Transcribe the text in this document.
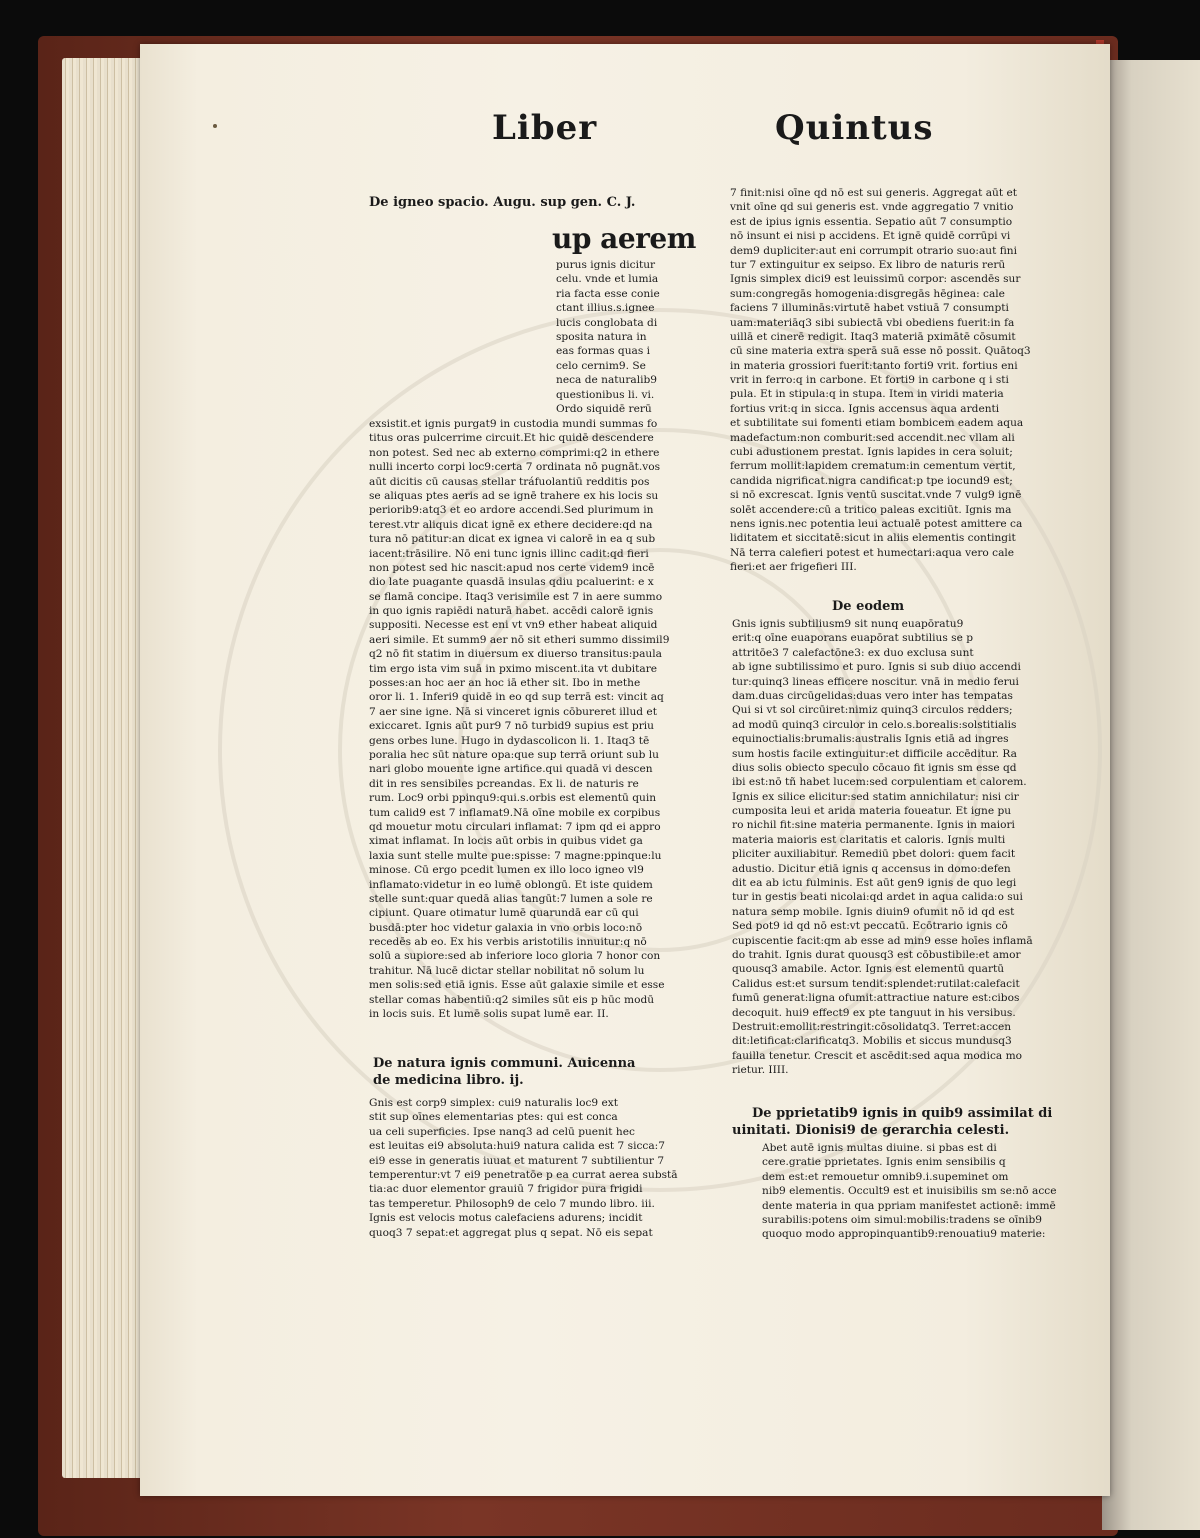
Liber	Quintus
De igneo spacio. Augu. sup gen. C. J.
up aerem
purus ignis dicitur
celu. vnde et lumia
ria facta esse conie
ctant illius.s.ignee
lucis conglobata di
sposita natura in
eas formas quas i
celo cernim9. Se
neca de naturalib9
questionibus li. vi.
Ordo siquidē rerū
exsistit.et ignis purgat9 in custodia mundi summas fo
titus oras pulcerrime circuit.Et hic quidē descendere
non potest. Sed nec ab externo comprimi:q2 in ethere
nulli incerto corpi loc9:certa 7 ordinata nō pugnāt.vos
aūt dicitis cū causas stellar tráfuolantiū redditis pos
se aliquas ptes aeris ad se ignē trahere ex his locis su
periorib9:atq3 et eo ardore accendi.Sed plurimum in
terest.vtr aliquis dicat ignē ex ethere decidere:qd na
tura nō patitur:an dicat ex ignea vi calorē in ea q sub
iacent:trāsilire. Nō eni tunc ignis illinc cadit:qd fieri
non potest sed hic nascit:apud nos certe videm9 incē
dio late puagante quasdā insulas qdiu pcaluerint: e x
se flamā concipe. Itaq3 verisimile est 7 in aere summo
in quo ignis rapiēdi naturā habet. accēdi calorē ignis
suppositi. Necesse est eni vt vn9 ether habeat aliquid
aeri simile. Et summ9 aer nō sit etheri summo dissimil9
q2 nō fit statim in diuersum ex diuerso transitus:paula
tim ergo ista vim suā in pximo miscent.ita vt dubitare
posses:an hoc aer an hoc iā ether sit. Ibo in methe
oror li. 1. Inferi9 quidē in eo qd sup terrā est: vincit aq
7 aer sine igne. Nā si vinceret ignis cōbureret illud et
exiccaret. Ignis aūt pur9 7 nō turbid9 supius est priu
gens orbes lune. Hugo in dydascolicon li. 1. Itaq3 tē
poralia hec sūt nature opa:que sup terrā oriunt sub lu
nari globo mouente igne artifice.qui quadā vi descen
dit in res sensibiles pcreandas. Ex li. de naturis re
rum. Loc9 orbi ppinqu9:qui.s.orbis est elementū quin
tum calid9 est 7 inflamat9.Nā oīne mobile ex corpibus
qd mouetur motu circulari inflamat: 7 ipm qd ei appro
ximat inflamat. In locis aūt orbis in quibus videt ga
laxia sunt stelle multe pue:spisse: 7 magne:ppinque:lu
minose. Cū ergo pcedit lumen ex illo loco igneo vl9
inflamato:videtur in eo lumē oblongū. Et iste quidem
stelle sunt:quar quedā alias tangūt:7 lumen a sole re
cipiunt. Quare otimatur lumē quarundā ear cū qui
busdā:pter hoc videtur galaxia in vno orbis loco:nō
recedēs ab eo. Ex his verbis aristotilis innuitur:q nō
solū a supiore:sed ab inferiore loco gloria 7 honor con
trahitur. Nā lucē dictar stellar nobilitat nō solum lu
men solis:sed etiā ignis. Esse aūt galaxie simile et esse
stellar comas habentiū:q2 similes sūt eis p hūc modū
in locis suis. Et lumē solis supat lumē ear. II.
De natura ignis communi. Auicenna
de medicina libro. ij.
Gnis est corp9 simplex: cui9 naturalis loc9 ext
stit sup oīnes elementarias ptes: qui est conca
ua celi superficies. Ipse nanq3 ad celū puenit hec
est leuitas ei9 absoluta:hui9 natura calida est 7 sicca:7
ei9 esse in generatis iuuat et maturent 7 subtilientur 7
temperentur:vt 7 ei9 penetratōe p ea currat aerea substā
tia:ac duor elementor grauiū 7 frigidor pura frigidi
tas temperetur. Philosoph9 de celo 7 mundo libro. iii.
Ignis est velocis motus calefaciens adurens; incidit
quoq3 7 sepat:et aggregat plus q sepat. Nō eis sepat
7 finit:nisi oīne qd nō est sui generis. Aggregat aūt et
vnit oīne qd sui generis est. vnde aggregatio 7 vnitio
est de ipius ignis essentia. Sepatio aūt 7 consumptio
nō insunt ei nisi p accidens. Et ignē quidē corrūpi vi
dem9 dupliciter:aut eni corrumpit otrario suo:aut fini
tur 7 extinguitur ex seipso. Ex libro de naturis rerū
Ignis simplex dici9 est leuissimū corpor: ascendēs sur
sum:congregās homogenia:disgregās hēginea: cale
faciens 7 illuminās:virtutē habet vstiuā 7 consumpti
uam:materiāq3 sibi subiectā vbi obediens fuerit:in fa
uillā et cinerē redigit. Itaq3 materiā pximātē cōsumit
cū sine materia extra sperā suā esse nō possit. Quātoq3
in materia grossiori fuerit:tanto forti9 vrit. fortius eni
vrit in ferro:q in carbone. Et forti9 in carbone q i sti
pula. Et in stipula:q in stupa. Item in viridi materia
fortius vrit:q in sicca. Ignis accensus aqua ardenti
et subtilitate sui fomenti etiam bombicem eadem aqua
madefactum:non comburit:sed accendit.nec vllam ali
cubi adustionem prestat. Ignis lapides in cera soluit;
ferrum mollit:lapidem crematum:in cementum vertit,
candida nigrificat.nigra candificat:p tpe iocund9 est;
si nō excrescat. Ignis ventū suscitat.vnde 7 vulg9 ignē
solēt accendere:cū a tritico paleas excitiūt. Ignis ma
nens ignis.nec potentia leui actualē potest amittere ca
liditatem et siccitatē:sicut in aliis elementis contingit
Nā terra calefieri potest et humectari:aqua vero cale
fieri:et aer frigefieri III.
De eodem
Gnis ignis subtiliusm9 sit nunq euapōratu9
erit:q oīne euaporans euapōrat subtilius se p
attritōe3 7 calefactōne3: ex duo exclusa sunt
ab igne subtilissimo et puro. Ignis si sub diuo accendi
tur:quinq3 lineas efficere noscitur. vnā in medio ferui
dam.duas circūgelidas:duas vero inter has tempatas
Qui si vt sol circūiret:nimiz quinq3 circulos redders;
ad modū quinq3 circulor in celo.s.borealis:solstitialis
equinoctialis:brumalis:australis Ignis etiā ad ingres
sum hostis facile extinguitur:et difficile accēditur. Ra
dius solis obiecto speculo cōcauo fit ignis sm esse qd
ibi est:nō tñ habet lucem:sed corpulentiam et calorem.
Ignis ex silice elicitur:sed statim annichilatur: nisi cir
cumposita leui et arida materia foueatur. Et igne pu
ro nichil fit:sine materia permanente. Ignis in maiori
materia maioris est claritatis et caloris. Ignis multi
pliciter auxiliabitur. Remediū pbet dolori: quem facit
adustio. Dicitur etiā ignis q accensus in domo:defen
dit ea ab ictu fulminis. Est aūt gen9 ignis de quo legi
tur in gestis beati nicolai:qd ardet in aqua calida:o sui
natura semp mobile. Ignis diuin9 ofumit nō id qd est
Sed pot9 id qd nō est:vt peccatū. Ecōtrario ignis cō
cupiscentie facit:qm ab esse ad min9 esse hoīes inflamā
do trahit. Ignis durat quousq3 est cōbustibile:et amor
quousq3 amabile. Actor. Ignis est elementū quartū
Calidus est:et sursum tendit:splendet:rutilat:calefacit
fumū generat:ligna ofumit:attractiue nature est:cibos
decoquit. hui9 effect9 ex pte tanguut in his versibus.
Destruit:emollit:restringit:cōsolidatq3. Terret:accen
dit:letificat:clarificatq3. Mobilis et siccus mundusq3
fauilla tenetur. Crescit et ascēdit:sed aqua modica mo
rietur. IIII.
De pprietatib9 ignis in quib9 assimilat di
uinitati. Dionisi9 de gerarchia celesti.
Abet autē ignis multas diuine. si pbas est di
cere.gratie pprietates. Ignis enim sensibilis q
dem est:et remouetur omnib9.i.supeminet om
nib9 elementis. Occult9 est et inuisibilis sm se:nō acce
dente materia in qua ppriam manifestet actionē: immē
surabilis:potens oim simul:mobilis:tradens se oīnib9
quoquo modo appropinquantib9:renouatiu9 materie:
